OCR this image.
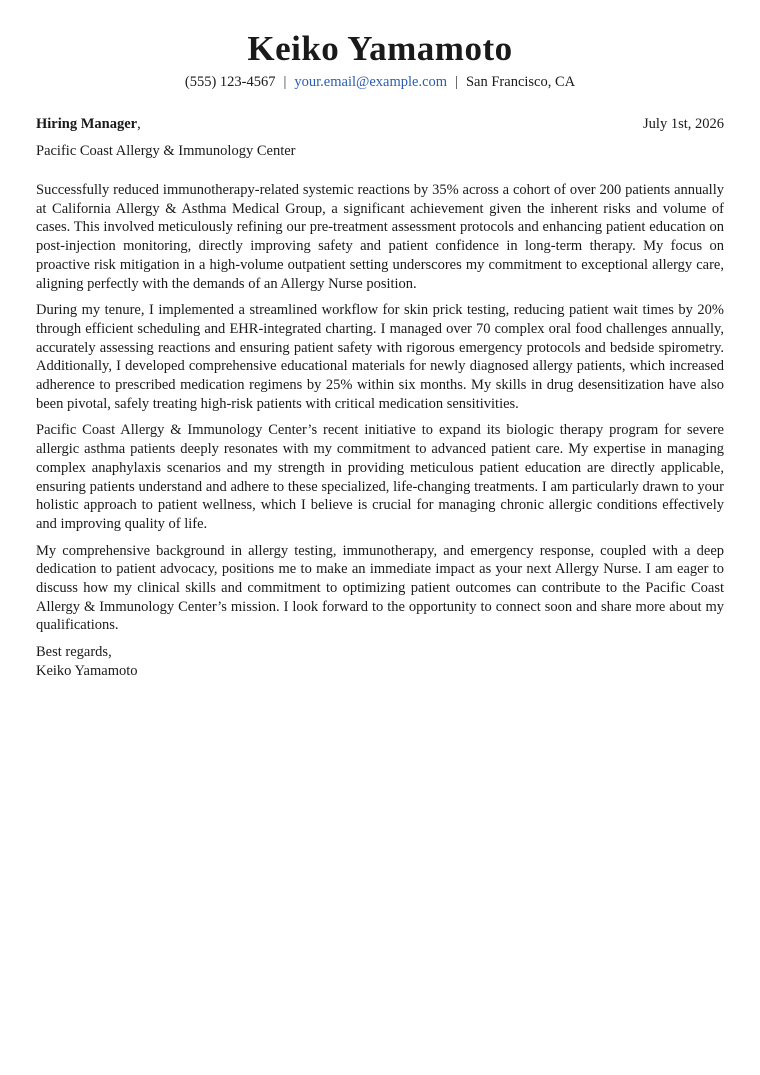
Keiko Yamamoto
(555) 123-4567 | your.email@example.com | San Francisco, CA
Hiring Manager,	July 1st, 2026
Pacific Coast Allergy & Immunology Center

Successfully reduced immunotherapy-related systemic reactions by 35% across a cohort of over 200 patients annually at California Allergy & Asthma Medical Group, a significant achievement given the inherent risks and volume of cases. This involved meticulously refining our pre-treatment assessment protocols and enhancing patient education on post-injection monitoring, directly improving safety and patient confidence in long-term therapy. My focus on proactive risk mitigation in a high-volume outpatient setting underscores my commitment to exceptional allergy care, aligning perfectly with the demands of an Allergy Nurse position.

During my tenure, I implemented a streamlined workflow for skin prick testing, reducing patient wait times by 20% through efficient scheduling and EHR-integrated charting. I managed over 70 complex oral food challenges annually, accurately assessing reactions and ensuring patient safety with rigorous emergency protocols and bedside spirometry. Additionally, I developed comprehensive educational materials for newly diagnosed allergy patients, which increased adherence to prescribed medication regimens by 25% within six months. My skills in drug desensitization have also been pivotal, safely treating high-risk patients with critical medication sensitivities.

Pacific Coast Allergy & Immunology Center’s recent initiative to expand its biologic therapy program for severe allergic asthma patients deeply resonates with my commitment to advanced patient care. My expertise in managing complex anaphylaxis scenarios and my strength in providing meticulous patient education are directly applicable, ensuring patients understand and adhere to these specialized, life-changing treatments. I am particularly drawn to your holistic approach to patient wellness, which I believe is crucial for managing chronic allergic conditions effectively and improving quality of life.

My comprehensive background in allergy testing, immunotherapy, and emergency response, coupled with a deep dedication to patient advocacy, positions me to make an immediate impact as your next Allergy Nurse. I am eager to discuss how my clinical skills and commitment to optimizing patient outcomes can contribute to the Pacific Coast Allergy & Immunology Center’s mission. I look forward to the opportunity to connect soon and share more about my qualifications.

Best regards,
Keiko Yamamoto
